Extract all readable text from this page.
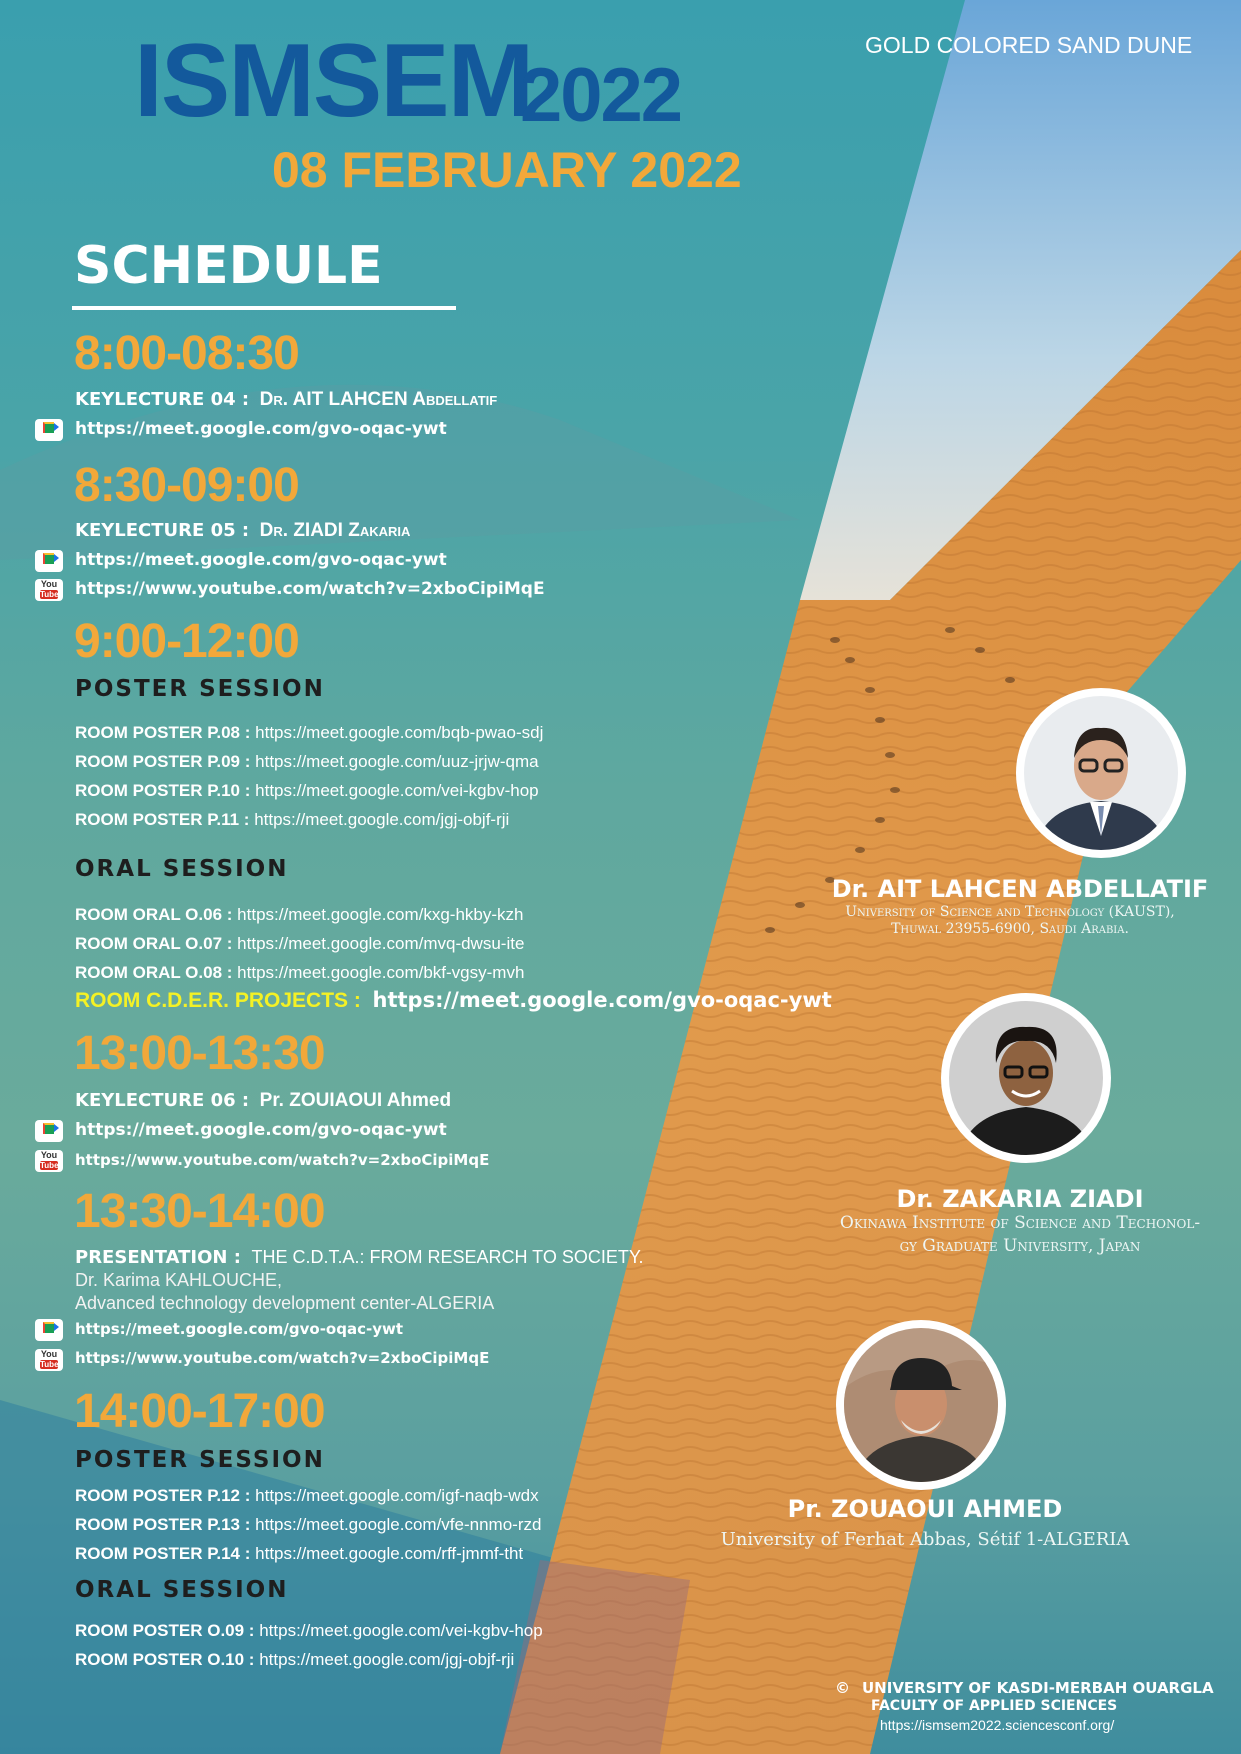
GOLD COLORED SAND DUNE
ISMSEM
2022
08 FEBRUARY 2022
SCHEDULE
8:00-08:30
KEYLECTURE 04 : Dr. AIT LAHCEN Abdellatif
https://meet.google.com/gvo-oqac-ywt
8:30-09:00
KEYLECTURE 05 : Dr. ZIADI Zakaria
https://meet.google.com/gvo-oqac-ywt
You
Tube https://www.youtube.com/watch?v=2xboCipiMqE
9:00-12:00
POSTER SESSION
ROOM POSTER P.08 : https://meet.google.com/bqb-pwao-sdj
ROOM POSTER P.09 : https://meet.google.com/uuz-jrjw-qma
ROOM POSTER P.10 : https://meet.google.com/vei-kgbv-hop
ROOM POSTER P.11 : https://meet.google.com/jgj-objf-rji
ORAL SESSION
ROOM ORAL O.06 : https://meet.google.com/kxg-hkby-kzh
ROOM ORAL O.07 : https://meet.google.com/mvq-dwsu-ite
ROOM ORAL O.08 : https://meet.google.com/bkf-vgsy-mvh
ROOM C.D.E.R. PROJECTS : https://meet.google.com/gvo-oqac-ywt
13:00-13:30
KEYLECTURE 06 : Pr. ZOUIAOUI Ahmed
https://meet.google.com/gvo-oqac-ywt
You
Tube https://www.youtube.com/watch?v=2xboCipiMqE
13:30-14:00
PRESENTATION : THE C.D.T.A.: FROM RESEARCH TO SOCIETY.
Dr. Karima KAHLOUCHE,
Advanced technology development center-ALGERIA
https://meet.google.com/gvo-oqac-ywt
You
Tube https://www.youtube.com/watch?v=2xboCipiMqE
14:00-17:00
POSTER SESSION
ROOM POSTER P.12 : https://meet.google.com/igf-naqb-wdx
ROOM POSTER P.13 : https://meet.google.com/vfe-nnmo-rzd
ROOM POSTER P.14 : https://meet.google.com/rff-jmmf-tht
ORAL SESSION
ROOM POSTER O.09 : https://meet.google.com/vei-kgbv-hop
ROOM POSTER O.10 : https://meet.google.com/jgj-objf-rji
Dr. AIT LAHCEN ABDELLATIF
University of Science and Technology (KAUST),
Thuwal 23955-6900, Saudi Arabia.
Dr. ZAKARIA ZIADI
Okinawa Institute of Science and Techonol-
gy Graduate University, Japan
Pr. ZOUAOUI AHMED
University of Ferhat Abbas, Sétif 1-ALGERIA
© UNIVERSITY OF KASDI-MERBAH OUARGLA
FACULTY OF APPLIED SCIENCES
https://ismsem2022.sciencesconf.org/
